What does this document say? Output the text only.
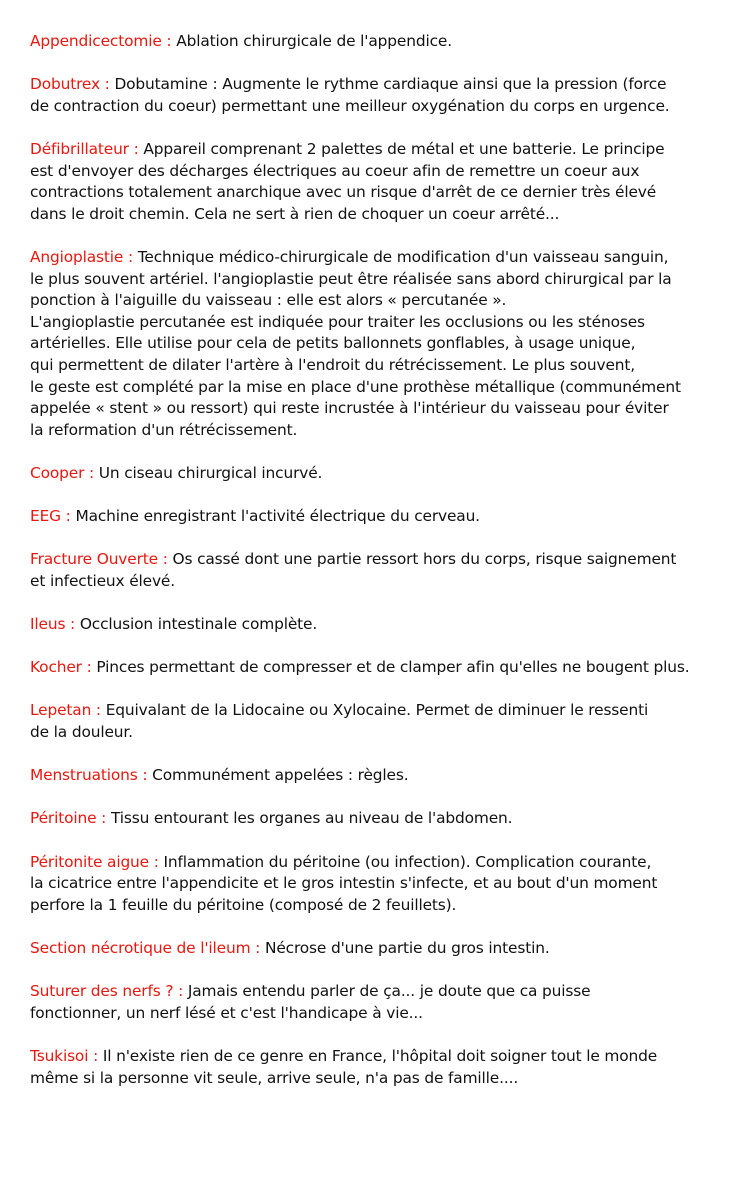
Appendicectomie : Ablation chirurgicale de l'appendice.
Dobutrex : Dobutamine : Augmente le rythme cardiaque ainsi que la pression (force
de contraction du coeur) permettant une meilleur oxygénation du corps en urgence.
Défibrillateur : Appareil comprenant 2 palettes de métal et une batterie. Le principe
est d'envoyer des décharges électriques au coeur afin de remettre un coeur aux
contractions totalement anarchique avec un risque d'arrêt de ce dernier très élevé
dans le droit chemin. Cela ne sert à rien de choquer un coeur arrêté...
Angioplastie : Technique médico-chirurgicale de modification d'un vaisseau sanguin,
le plus souvent artériel. l'angioplastie peut être réalisée sans abord chirurgical par la
ponction à l'aiguille du vaisseau : elle est alors « percutanée ».
L'angioplastie percutanée est indiquée pour traiter les occlusions ou les sténoses
artérielles. Elle utilise pour cela de petits ballonnets gonflables, à usage unique,
qui permettent de dilater l'artère à l'endroit du rétrécissement. Le plus souvent,
le geste est complété par la mise en place d'une prothèse métallique (communément
appelée « stent » ou ressort) qui reste incrustée à l'intérieur du vaisseau pour éviter
la reformation d'un rétrécissement.
Cooper : Un ciseau chirurgical incurvé.
EEG : Machine enregistrant l'activité électrique du cerveau.
Fracture Ouverte : Os cassé dont une partie ressort hors du corps, risque saignement
et infectieux élevé.
Ileus : Occlusion intestinale complète.
Kocher : Pinces permettant de compresser et de clamper afin qu'elles ne bougent plus.
Lepetan : Equivalant de la Lidocaine ou Xylocaine. Permet de diminuer le ressenti
de la douleur.
Menstruations : Communément appelées : règles.
Péritoine : Tissu entourant les organes au niveau de l'abdomen.
Péritonite aigue : Inflammation du péritoine (ou infection). Complication courante,
la cicatrice entre l'appendicite et le gros intestin s'infecte, et au bout d'un moment
perfore la 1 feuille du péritoine (composé de 2 feuillets).
Section nécrotique de l'ileum : Nécrose d'une partie du gros intestin.
Suturer des nerfs ? : Jamais entendu parler de ça... je doute que ca puisse
fonctionner, un nerf lésé et c'est l'handicape à vie...
Tsukisoi : Il n'existe rien de ce genre en France, l'hôpital doit soigner tout le monde
même si la personne vit seule, arrive seule, n'a pas de famille....
